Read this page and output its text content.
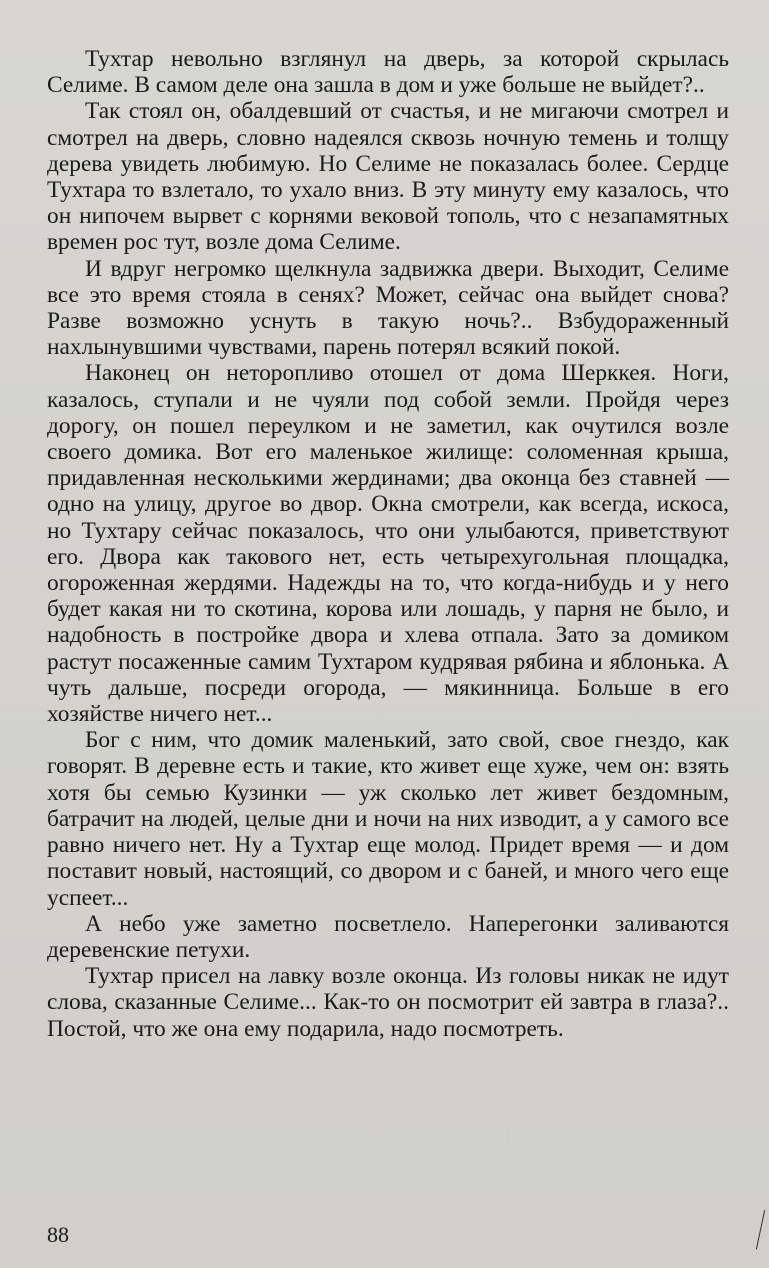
Тухтар невольно взглянул на дверь, за которой скрылась Селиме. В самом деле она зашла в дом и уже больше не выйдет?..

Так стоял он, обалдевший от счастья, и не мигаючи смотрел и смотрел на дверь, словно надеялся сквозь ночную темень и толщу дерева увидеть любимую. Но Селиме не показалась более. Сердце Тухтара то взлетало, то ухало вниз. В эту минуту ему казалось, что он нипочем вырвет с корнями вековой тополь, что с незапамятных времен рос тут, возле дома Селиме.

И вдруг негромко щелкнула задвижка двери. Выходит, Селиме все это время стояла в сенях? Может, сейчас она выйдет снова? Разве возможно уснуть в такую ночь?.. Взбудораженный нахлынувшими чувствами, парень потерял всякий покой.

Наконец он неторопливо отошел от дома Шерккея. Ноги, казалось, ступали и не чуяли под собой земли. Пройдя через дорогу, он пошел переулком и не заметил, как очутился возле своего домика. Вот его маленькое жилище: соломенная крыша, придавленная несколькими жердинами; два оконца без ставней — одно на улицу, другое во двор. Окна смотрели, как всегда, искоса, но Тухтару сейчас показалось, что они улыбаются, приветствуют его. Двора как такового нет, есть четырехугольная площадка, огороженная жердями. Надежды на то, что когда-нибудь и у него будет какая ни то скотина, корова или лошадь, у парня не было, и надобность в постройке двора и хлева отпала. Зато за домиком растут посаженные самим Тухтаром кудрявая рябина и яблонька. А чуть дальше, посреди огорода, — мякинница. Больше в его хозяйстве ничего нет...

Бог с ним, что домик маленький, зато свой, свое гнездо, как говорят. В деревне есть и такие, кто живет еще хуже, чем он: взять хотя бы семью Кузинки — уж сколько лет живет бездомным, батрачит на людей, целые дни и ночи на них изводит, а у самого все равно ничего нет. Ну а Тухтар еще молод. Придет время — и дом поставит новый, настоящий, со двором и с баней, и много чего еще успеет...

А небо уже заметно посветлело. Наперегонки заливаются деревенские петухи.

Тухтар присел на лавку возле оконца. Из головы никак не идут слова, сказанные Селиме... Как-то он посмотрит ей завтра в глаза?.. Постой, что же она ему подарила, надо посмотреть.

88
